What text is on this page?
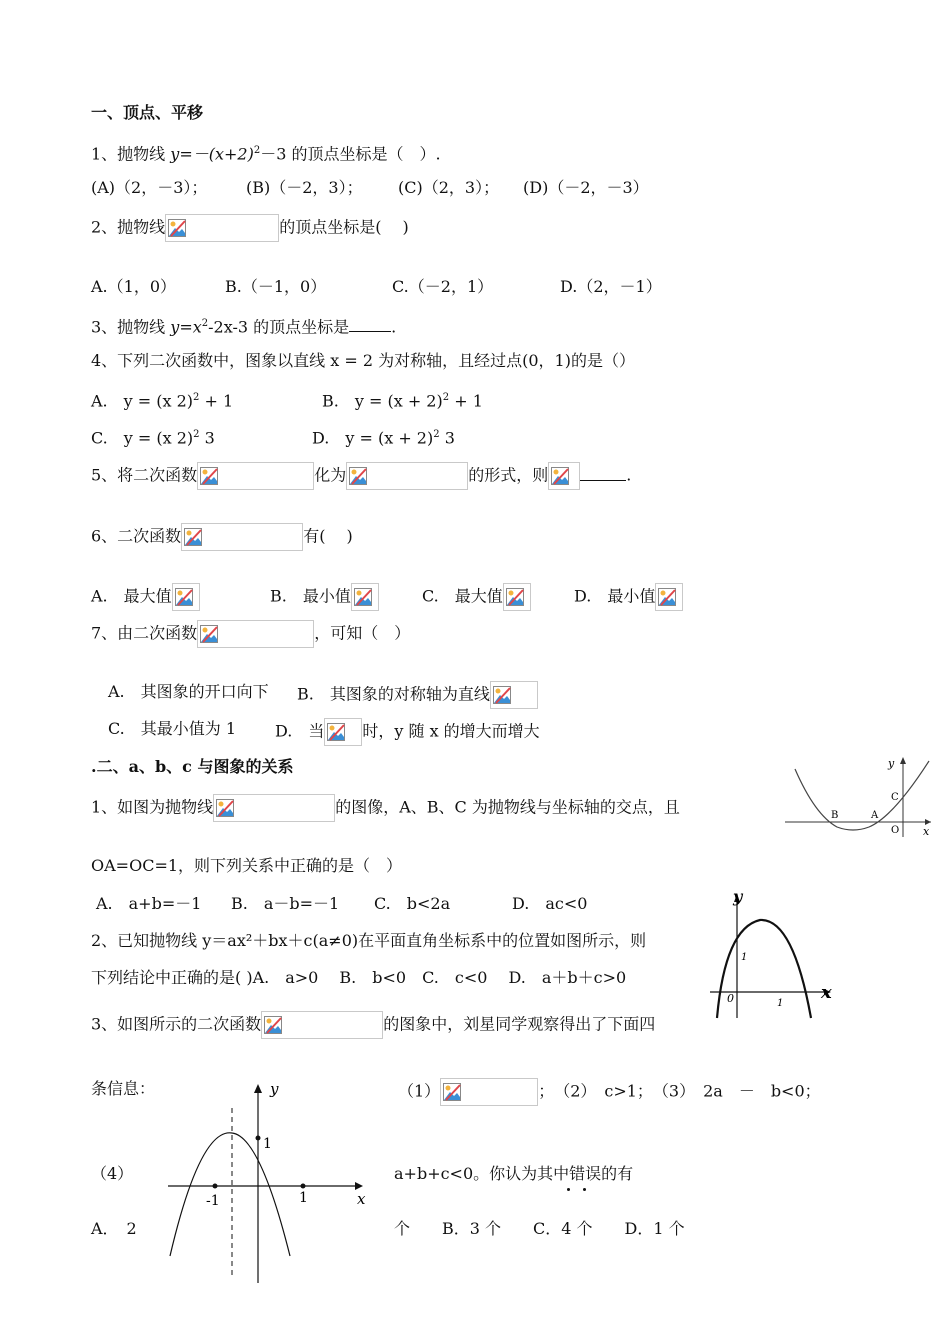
一、顶点、平移
1、抛物线 $y=-(x+2)^2-3$ 的顶点坐标是（　）.
(A)（2，－3）； (B)（－2，3）； (C)（2，3）； (D)（－2，－3）
2、抛物线	的顶点坐标是(　 )
A.（1，0）	B.（－1，0）	C.（－2，1）	D.（2，－1）
3、抛物线 $y=x^2-2x-3$ 的顶点坐标是	.
4、下列二次函数中，图象以直线 x = 2 为对称轴，且经过点(0，1)的是（）
A.　y = (x 2)$^2$ + 1	B.　$y = (x + 2)^2 + 1$
C.　y = (x 2)$^2$ 3	D.　$y = (x + 2)^2$ 3
5、将二次函数	化为	的形式，则	.
6、二次函数	有(　 )
A.　最大值	B.　最小值	C.　最大值	D.　最小值
7、由二次函数	，可知（　）
A.　其图象的开口向下 B.　其图象的对称轴为直线
C.　其最小值为 1 D.　当 时，y 随 x 的增大而增大
.二、a、b、c 与图象的关系
1、如图为抛物线	的图像，A、B、C 为抛物线与坐标轴的交点，且
OA=OC=1，则下列关系中正确的是（　）
A.　a+b=－1 B.　a－b=－1 C.　b<2a	D.　ac<0
y
x
B	A
C
O
2、已知抛物线 y＝ax²＋bx＋c(a≠0)在平面直角坐标系中的位置如图所示，则
下列结论中正确的是( )A.　a>0　 B.　b<0　C.　c<0　 D.　a＋b＋c>0
y
x
0	1
1
3、如图所示的二次函数	的图象中，刘星同学观察得出了下面四
条信息：	（1）	；　（2）　c>1；　（3）　2a　－　b<0；
（4）	a+b+c<0。你认为其中错误的有
A．　2	个　　B．3 个　　C．4 个　　D．1 个
y
x
1
-1	1
